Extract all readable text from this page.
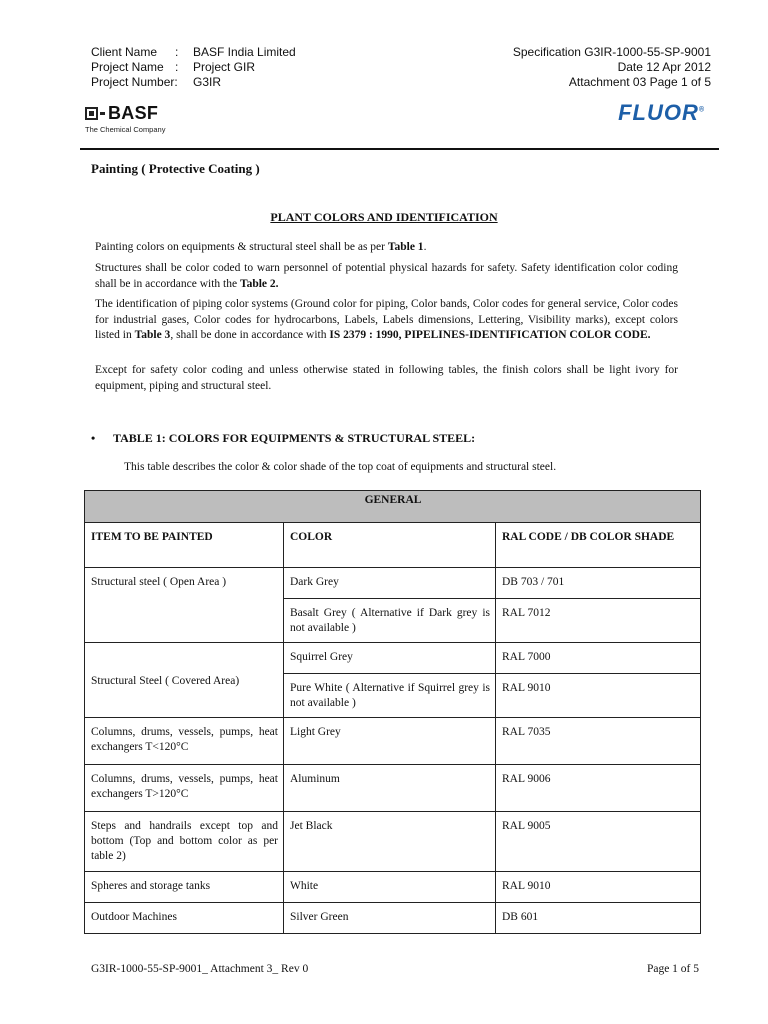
Client Name	:	BASF India Limited
Project Name :	Project GIR
Project Number:	G3IR
Specification G3IR-1000-55-SP-9001
Date 12 Apr 2012
Attachment 03 Page 1 of 5
BASF
The Chemical Company
FLUOR®
Painting ( Protective Coating )
PLANT COLORS AND IDENTIFICATION

Painting colors on equipments & structural steel shall be as per Table 1.

Structures shall be color coded to warn personnel of potential physical hazards for safety. Safety identification color coding shall be in accordance with the Table 2.

The identification of piping color systems (Ground color for piping, Color bands, Color codes for general service, Color codes for industrial gases, Color codes for hydrocarbons, Labels, Labels dimensions, Lettering, Visibility marks), except colors listed in Table 3, shall be done in accordance with IS 2379 : 1990, PIPELINES-IDENTIFICATION COLOR CODE.

Except for safety color coding and unless otherwise stated in following tables, the finish colors shall be light ivory for equipment, piping and structural steel.

•	TABLE 1: COLORS FOR EQUIPMENTS & STRUCTURAL STEEL:
This table describes the color & color shade of the top coat of equipments and structural steel.
GENERAL		
ITEM TO BE PAINTED	COLOR	RAL CODE / DB COLOR SHADE
Structural steel ( Open Area )	Dark Grey	DB 703 / 701
	Basalt Grey ( Alternative if Dark grey is not available )	RAL 7012
Structural Steel ( Covered Area)	Squirrel Grey	RAL 7000
	Pure White ( Alternative if Squirrel grey is not available )	RAL 9010
Columns, drums, vessels, pumps, heat exchangers T<120°C	Light Grey	RAL 7035
Columns, drums, vessels, pumps, heat exchangers T>120°C	Aluminum	RAL 9006
Steps and handrails except top and bottom (Top and bottom color as per table 2)	Jet Black	RAL 9005
Spheres and storage tanks	White	RAL 9010
Outdoor Machines	Silver Green	DB 601
G3IR-1000-55-SP-9001_ Attachment 3_ Rev 0	Page 1 of 5
